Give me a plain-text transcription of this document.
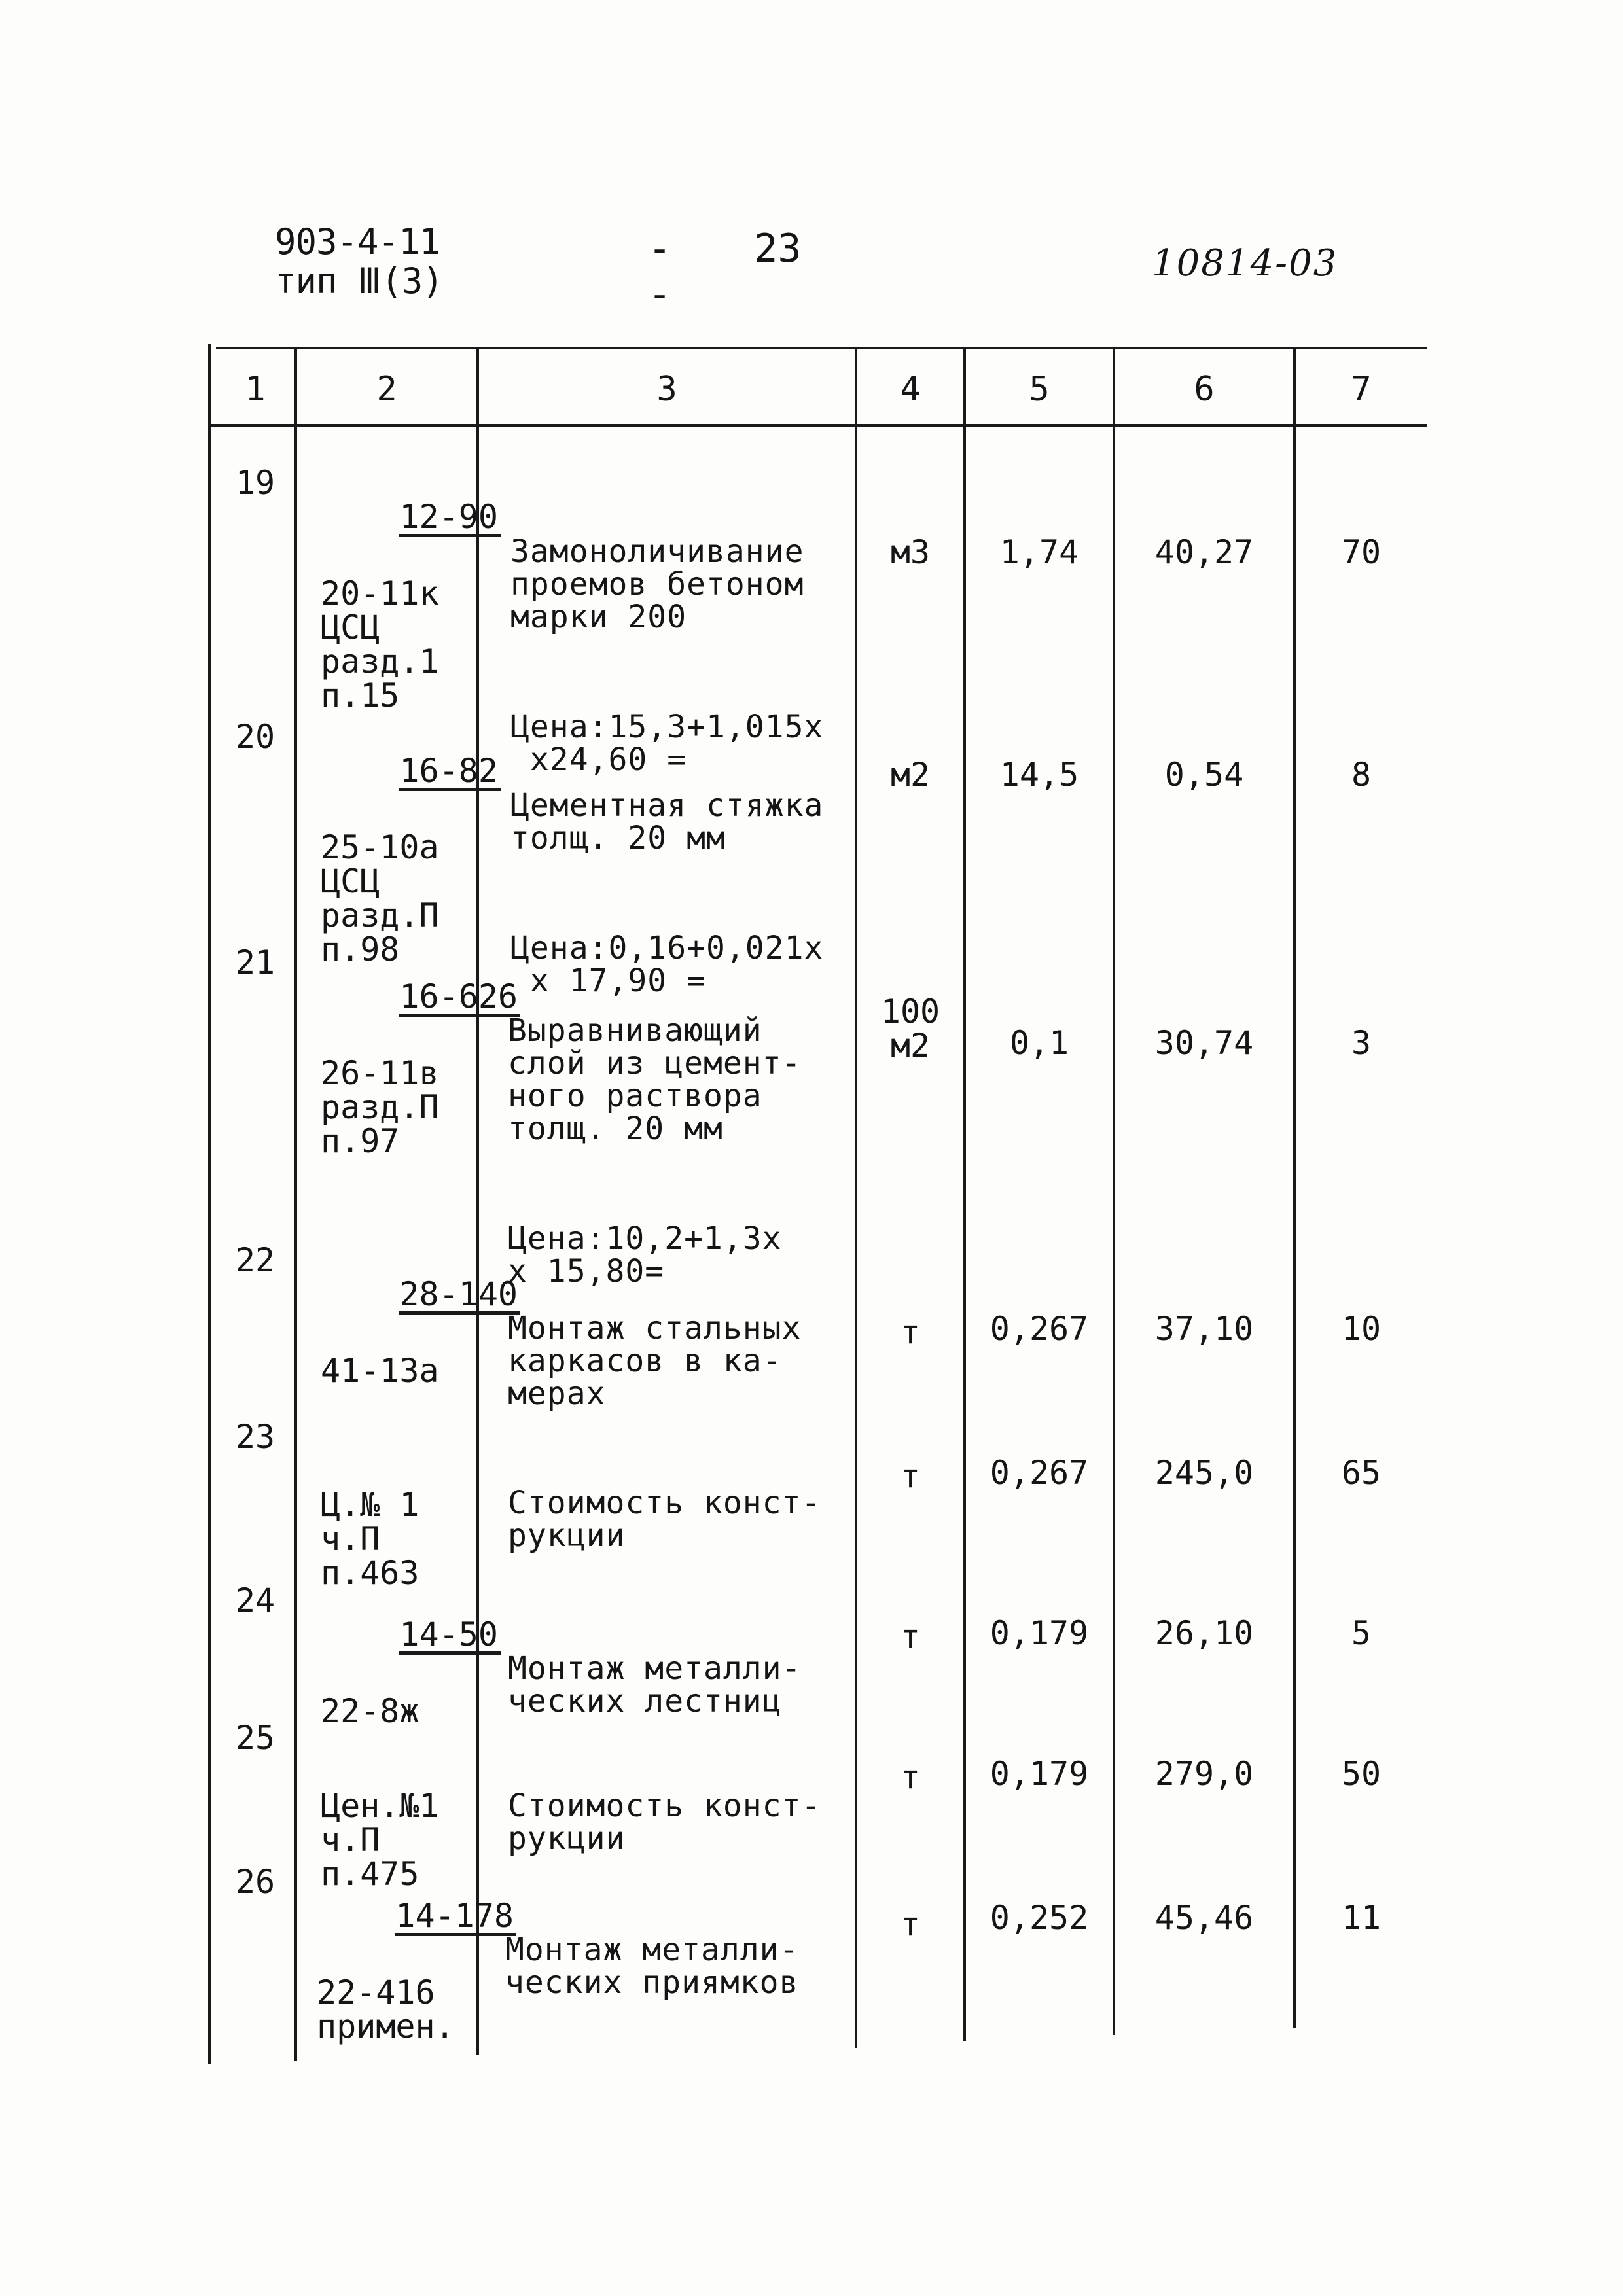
903-4-11
тип Ⅲ(3)
- 23 -
10814-03
1	2	3	4	5	6	7
19

12-90

20-11к
ЦСЦ
разд.1
п.15

Замоноличивание
проемов бетоном
марки 200

Цена:15,3+1,015х
х24,60 =

м3	1,74	40,27	70
20

16-82

25-10а
ЦСЦ
разд.П
п.98

Цементная стяжка
толщ. 20 мм

Цена:0,16+0,021х
х 17,90 =

м2	14,5	0,54	8
21

16-626

26-11в
разд.П
п.97

Выравнивающий
слой из цемент-
ного раствора
толщ. 20 мм

Цена:10,2+1,3х
х 15,80=

100
м2	0,1	30,74	3
22

28-140

41-13а

Монтаж стальных
каркасов в ка-
мерах

т	0,267	37,10	10
23

Ц.№ 1
ч.П
п.463

Стоимость конст-
рукции

т	0,267	245,0	65
24

14-50

22-8ж

Монтаж металли-
ческих лестниц

т	0,179	26,10	5
25

Цен.№1
ч.П
п.475

Стоимость конст-
рукции

т	0,179	279,0	50
26

14-178

22-416
примен.

Монтаж металли-
ческих приямков

т	0,252	45,46	11
